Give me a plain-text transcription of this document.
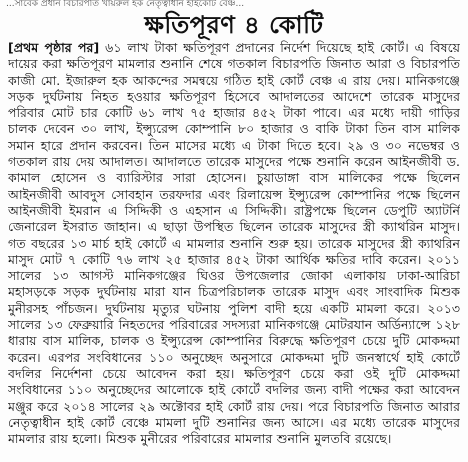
...সাবেক প্রধান বিচারপতি খায়রুল হক নেতৃত্বাধীন হাইকোর্ট বেঞ্চ...
ক্ষতিপূরণ ৪ কোটি
[প্রথম পৃষ্ঠার পর] ৬১ লাখ টাকা ক্ষতিপূরণ প্রদানের নির্দেশ দিয়েছে হাই কোর্ট। এ বিষয়ে দায়ের করা ক্ষতিপূরণ মামলার শুনানি শেষে গতকাল বিচারপতি জিনাত আরা ও বিচারপতি কাজী মো. ইজারুল হক আকন্দের সমন্বয়ে গঠিত হাই কোর্ট বেঞ্চ এ রায় দেয়। মানিকগঞ্জে সড়ক দুর্ঘটনায় নিহত হওয়ার ক্ষতিপূরণ হিসেবে আদালতের আদেশে তারেক মাসুদের পরিবার মোট চার কোটি ৬১ লাখ ৭৫ হাজার ৪৫২ টাকা পাবে। এর মধ্যে দায়ী গাড়ির চালক দেবেন ৩০ লাখ, ইন্স্যুরেন্স কোম্পানি ৮০ হাজার ও বাকি টাকা তিন বাস মালিক সমান হারে প্রদান করবেন। তিন মাসের মধ্যে এ টাকা দিতে হবে। ২৯ ও ৩০ নভেম্বর ও গতকাল রায় দেয় আদালত। আদালতে তারেক মাসুদের পক্ষে শুনানি করেন আইনজীবী ড. কামাল হোসেন ও ব্যারিস্টার সারা হোসেন। চুয়াডাঙ্গা বাস মালিকের পক্ষে ছিলেন আইনজীবী আবদুস সোবহান তরফদার এবং রিলায়েন্স ইন্স্যুরেন্স কোম্পানির পক্ষে ছিলেন আইনজীবী ইমরান এ সিদ্দিকী ও এহসান এ সিদ্দিকী। রাষ্ট্রপক্ষে ছিলেন ডেপুটি অ্যাটর্নি জেনারেল ইসরাত জাহান। এ ছাড়া উপস্থিত ছিলেন তারেক মাসুদের স্ত্রী ক্যাথরিন মাসুদ। গত বছরের ১৩ মার্চ হাই কোর্টে এ মামলার শুনানি শুরু হয়। তারেক মাসুদের স্ত্রী ক্যাথরিন মাসুদ মোট ৭ কোটি ৭৬ লাখ ২৫ হাজার ৪৫২ টাকা আর্থিক ক্ষতির দাবি করেন। ২০১১ সালের ১৩ আগস্ট মানিকগঞ্জের ঘিওর উপজেলার জোকা এলাকায় ঢাকা-আরিচা মহাসড়কে সড়ক দুর্ঘটনায় মারা যান চিত্রপরিচালক তারেক মাসুদ এবং সাংবাদিক মিশুক মুনীরসহ পাঁচজন। দুর্ঘটনায় মৃত্যুর ঘটনায় পুলিশ বাদী হয়ে একটি মামলা করে। ২০১৩ সালের ১৩ ফেব্রুয়ারি নিহতদের পরিবারের সদস্যরা মানিকগঞ্জে মোটরযান অর্ডিন্যান্সে ১২৮ ধারায় বাস মালিক, চালক ও ইন্স্যুরেন্স কোম্পানির বিরুদ্ধে ক্ষতিপূরণ চেয়ে দুটি মোকদ্দমা করেন। এরপর সংবিধানের ১১০ অনুচ্ছেদ অনুসারে মোকদ্দমা দুটি জনস্বার্থে হাই কোর্টে বদলির নির্দেশনা চেয়ে আবেদন করা হয়। ক্ষতিপূরণ চেয়ে করা ওই দুটি মোকদ্দমা সংবিধানের ১১০ অনুচ্ছেদের আলোকে হাই কোর্টে বদলির জন্য বাদী পক্ষের করা আবেদন মঞ্জুর করে ২০১৪ সালের ২৯ অক্টোবর হাই কোর্ট রায় দেয়। পরে বিচারপতি জিনাত আরার নেতৃত্বাধীন হাই কোর্ট বেঞ্চে মামলা দুটি শুনানির জন্য আসে। এর মধ্যে তারেক মাসুদের মামলার রায় হলো। মিশুক মুনীরের পরিবারের মামলার শুনানি মুলতবি রয়েছে।
